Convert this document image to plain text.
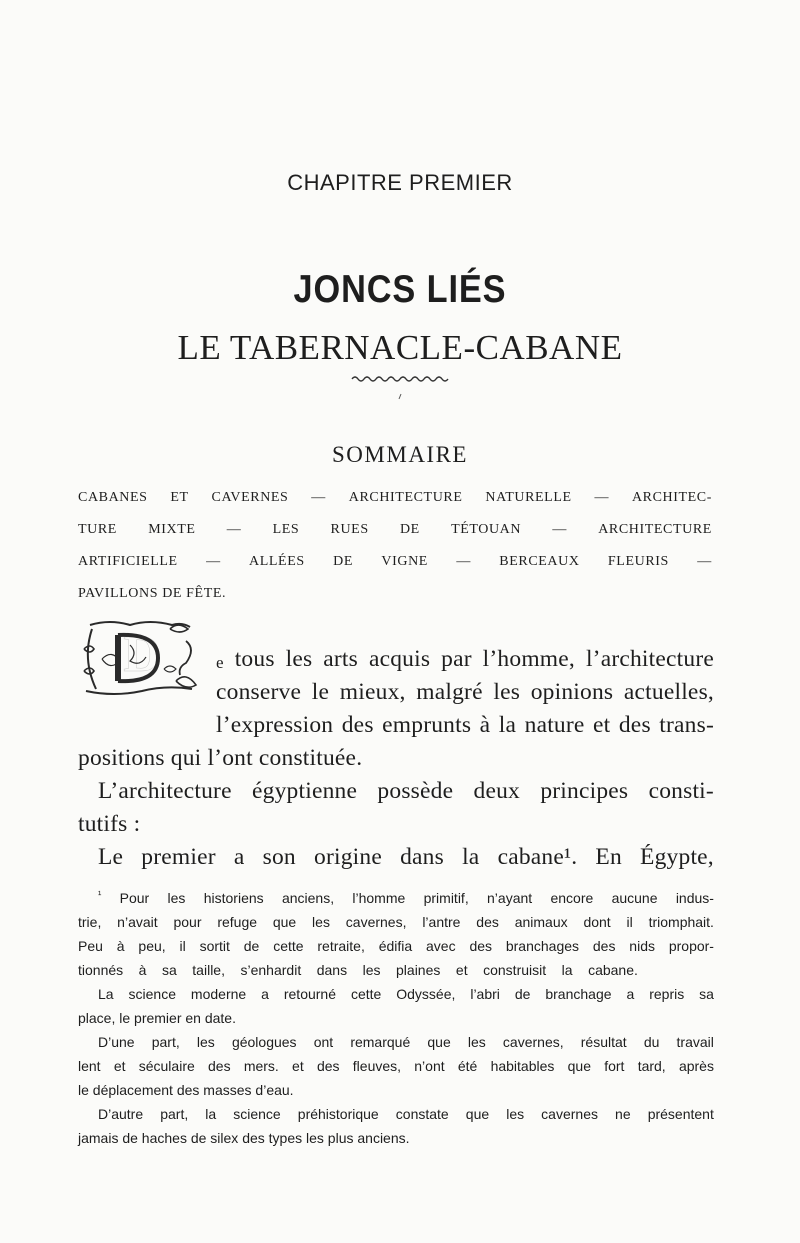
CHAPITRE PREMIER
JONCS LIÉS
LE TABERNACLE-CABANE
SOMMAIRE
CABANES ET CAVERNES — ARCHITECTURE NATURELLE — ARCHITEC-
TURE MIXTE — LES RUES DE TÉTOUAN — ARCHITECTURE
ARTIFICIELLE — ALLÉES DE VIGNE — BERCEAUX FLEURIS —
PAVILLONS DE FÊTE.
D	e tous les arts acquis par l’homme, l’architecture
conserve le mieux, malgré les opinions actuelles,
l’expression des emprunts à la nature et des trans-
positions qui l’ont constituée.
L’architecture égyptienne possède deux principes consti-
tutifs :
Le premier a son origine dans la cabane¹. En Égypte,
¹ Pour les historiens anciens, l’homme primitif, n’ayant encore aucune indus-
trie, n’avait pour refuge que les cavernes, l’antre des animaux dont il triomphait.
Peu à peu, il sortit de cette retraite, édifia avec des branchages des nids propor-
tionnés à sa taille, s’enhardit dans les plaines et construisit la cabane.
La science moderne a retourné cette Odyssée, l’abri de branchage a repris sa
place, le premier en date.
D’une part, les géologues ont remarqué que les cavernes, résultat du travail
lent et séculaire des mers. et des fleuves, n’ont été habitables que fort tard, après
le déplacement des masses d’eau.
D’autre part, la science préhistorique constate que les cavernes ne présentent
jamais de haches de silex des types les plus anciens.
